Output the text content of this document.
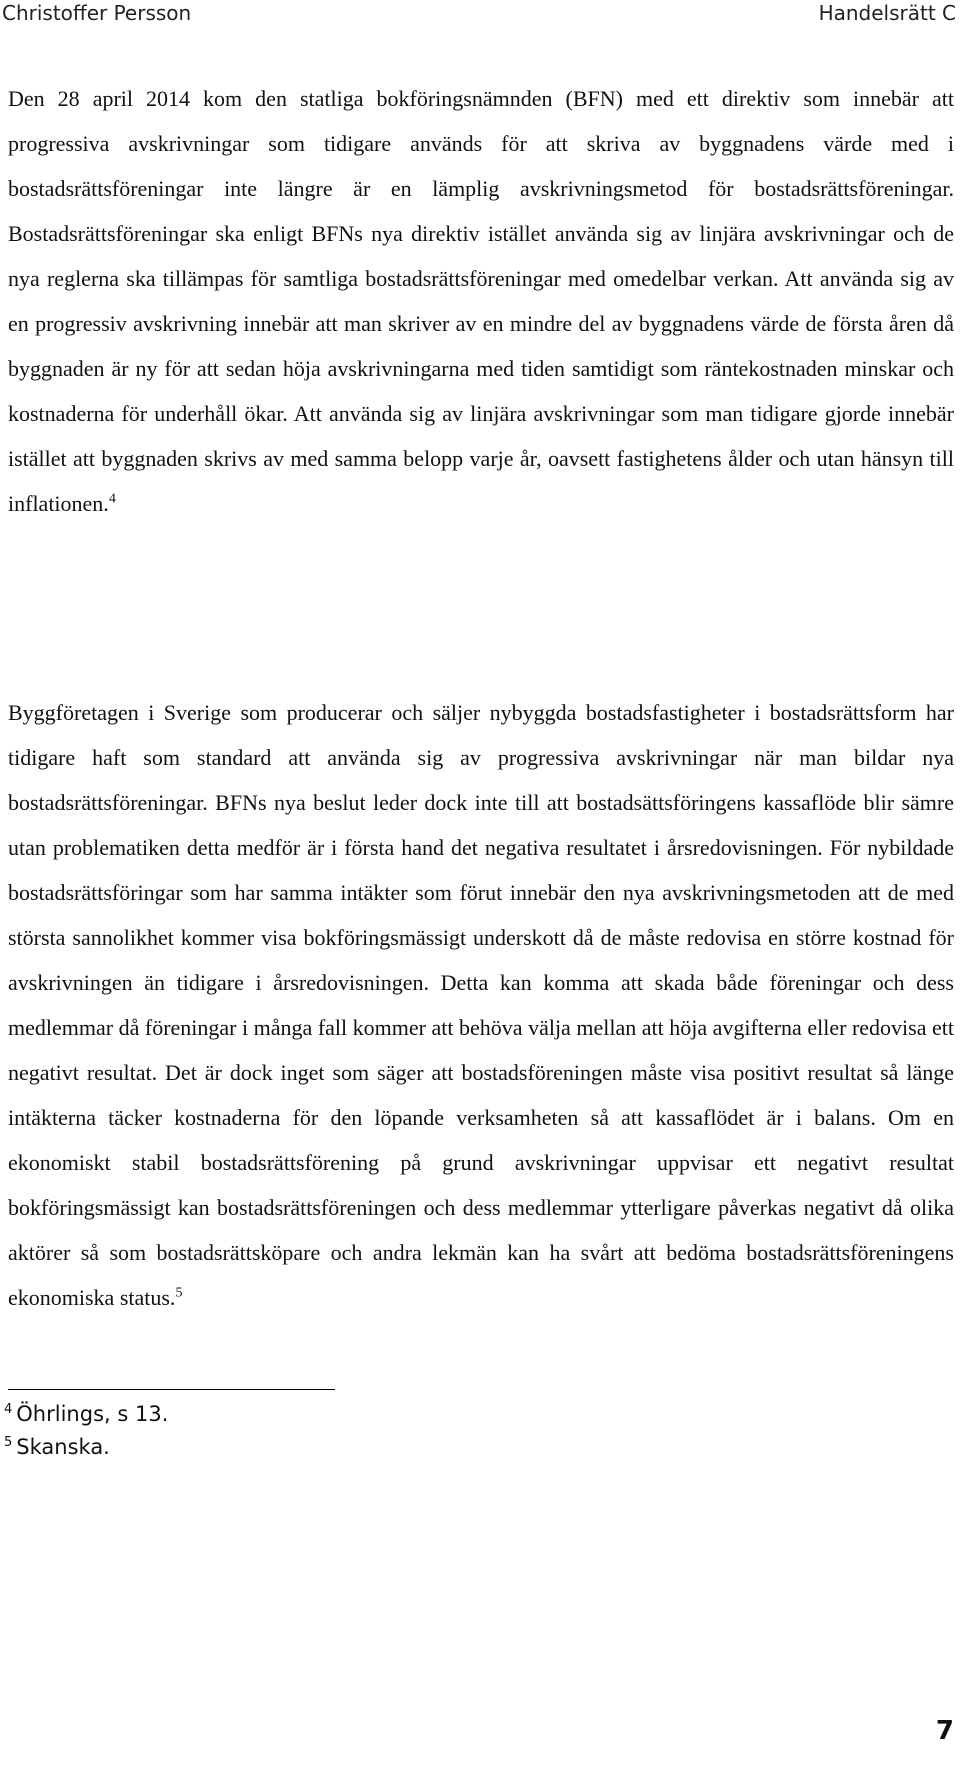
Christoffer Persson	Handelsrätt C

Den 28 april 2014 kom den statliga bokföringsnämnden (BFN) med ett direktiv som innebär att progressiva avskrivningar som tidigare används för att skriva av byggnadens värde med i bostadsrättsföreningar inte längre är en lämplig avskrivningsmetod för bostadsrättsföreningar. Bostadsrättsföreningar ska enligt BFNs nya direktiv istället använda sig av linjära avskrivningar och de nya reglerna ska tillämpas för samtliga bostadsrättsföreningar med omedelbar verkan. Att använda sig av en progressiv avskrivning innebär att man skriver av en mindre del av byggnadens värde de första åren då byggnaden är ny för att sedan höja avskrivningarna med tiden samtidigt som räntekostnaden minskar och kostnaderna för underhåll ökar. Att använda sig av linjära avskrivningar som man tidigare gjorde innebär istället att byggnaden skrivs av med samma belopp varje år, oavsett fastighetens ålder och utan hänsyn till inflationen.$^4$

Byggföretagen i Sverige som producerar och säljer nybyggda bostadsfastigheter i bostadsrättsform har tidigare haft som standard att använda sig av progressiva avskrivningar när man bildar nya bostadsrättsföreningar. BFNs nya beslut leder dock inte till att bostadsättsföringens kassaflöde blir sämre utan problematiken detta medför är i första hand det negativa resultatet i årsredovisningen. För nybildade bostadsrättsföringar som har samma intäkter som förut innebär den nya avskrivningsmetoden att de med största sannolikhet kommer visa bokföringsmässigt underskott då de måste redovisa en större kostnad för avskrivningen än tidigare i årsredovisningen. Detta kan komma att skada både föreningar och dess medlemmar då föreningar i många fall kommer att behöva välja mellan att höja avgifterna eller redovisa ett negativt resultat. Det är dock inget som säger att bostadsföreningen måste visa positivt resultat så länge intäkterna täcker kostnaderna för den löpande verksamheten så att kassaflödet är i balans. Om en ekonomiskt stabil bostadsrättsförening på grund avskrivningar uppvisar ett negativt resultat bokföringsmässigt kan bostadsrättsföreningen och dess medlemmar ytterligare påverkas negativt då olika aktörer så som bostadsrättsköpare och andra lekmän kan ha svårt att bedöma bostadsrättsföreningens ekonomiska status.$^5$

$^4$ Öhrlings, s 13.
$^5$ Skanska.
7
